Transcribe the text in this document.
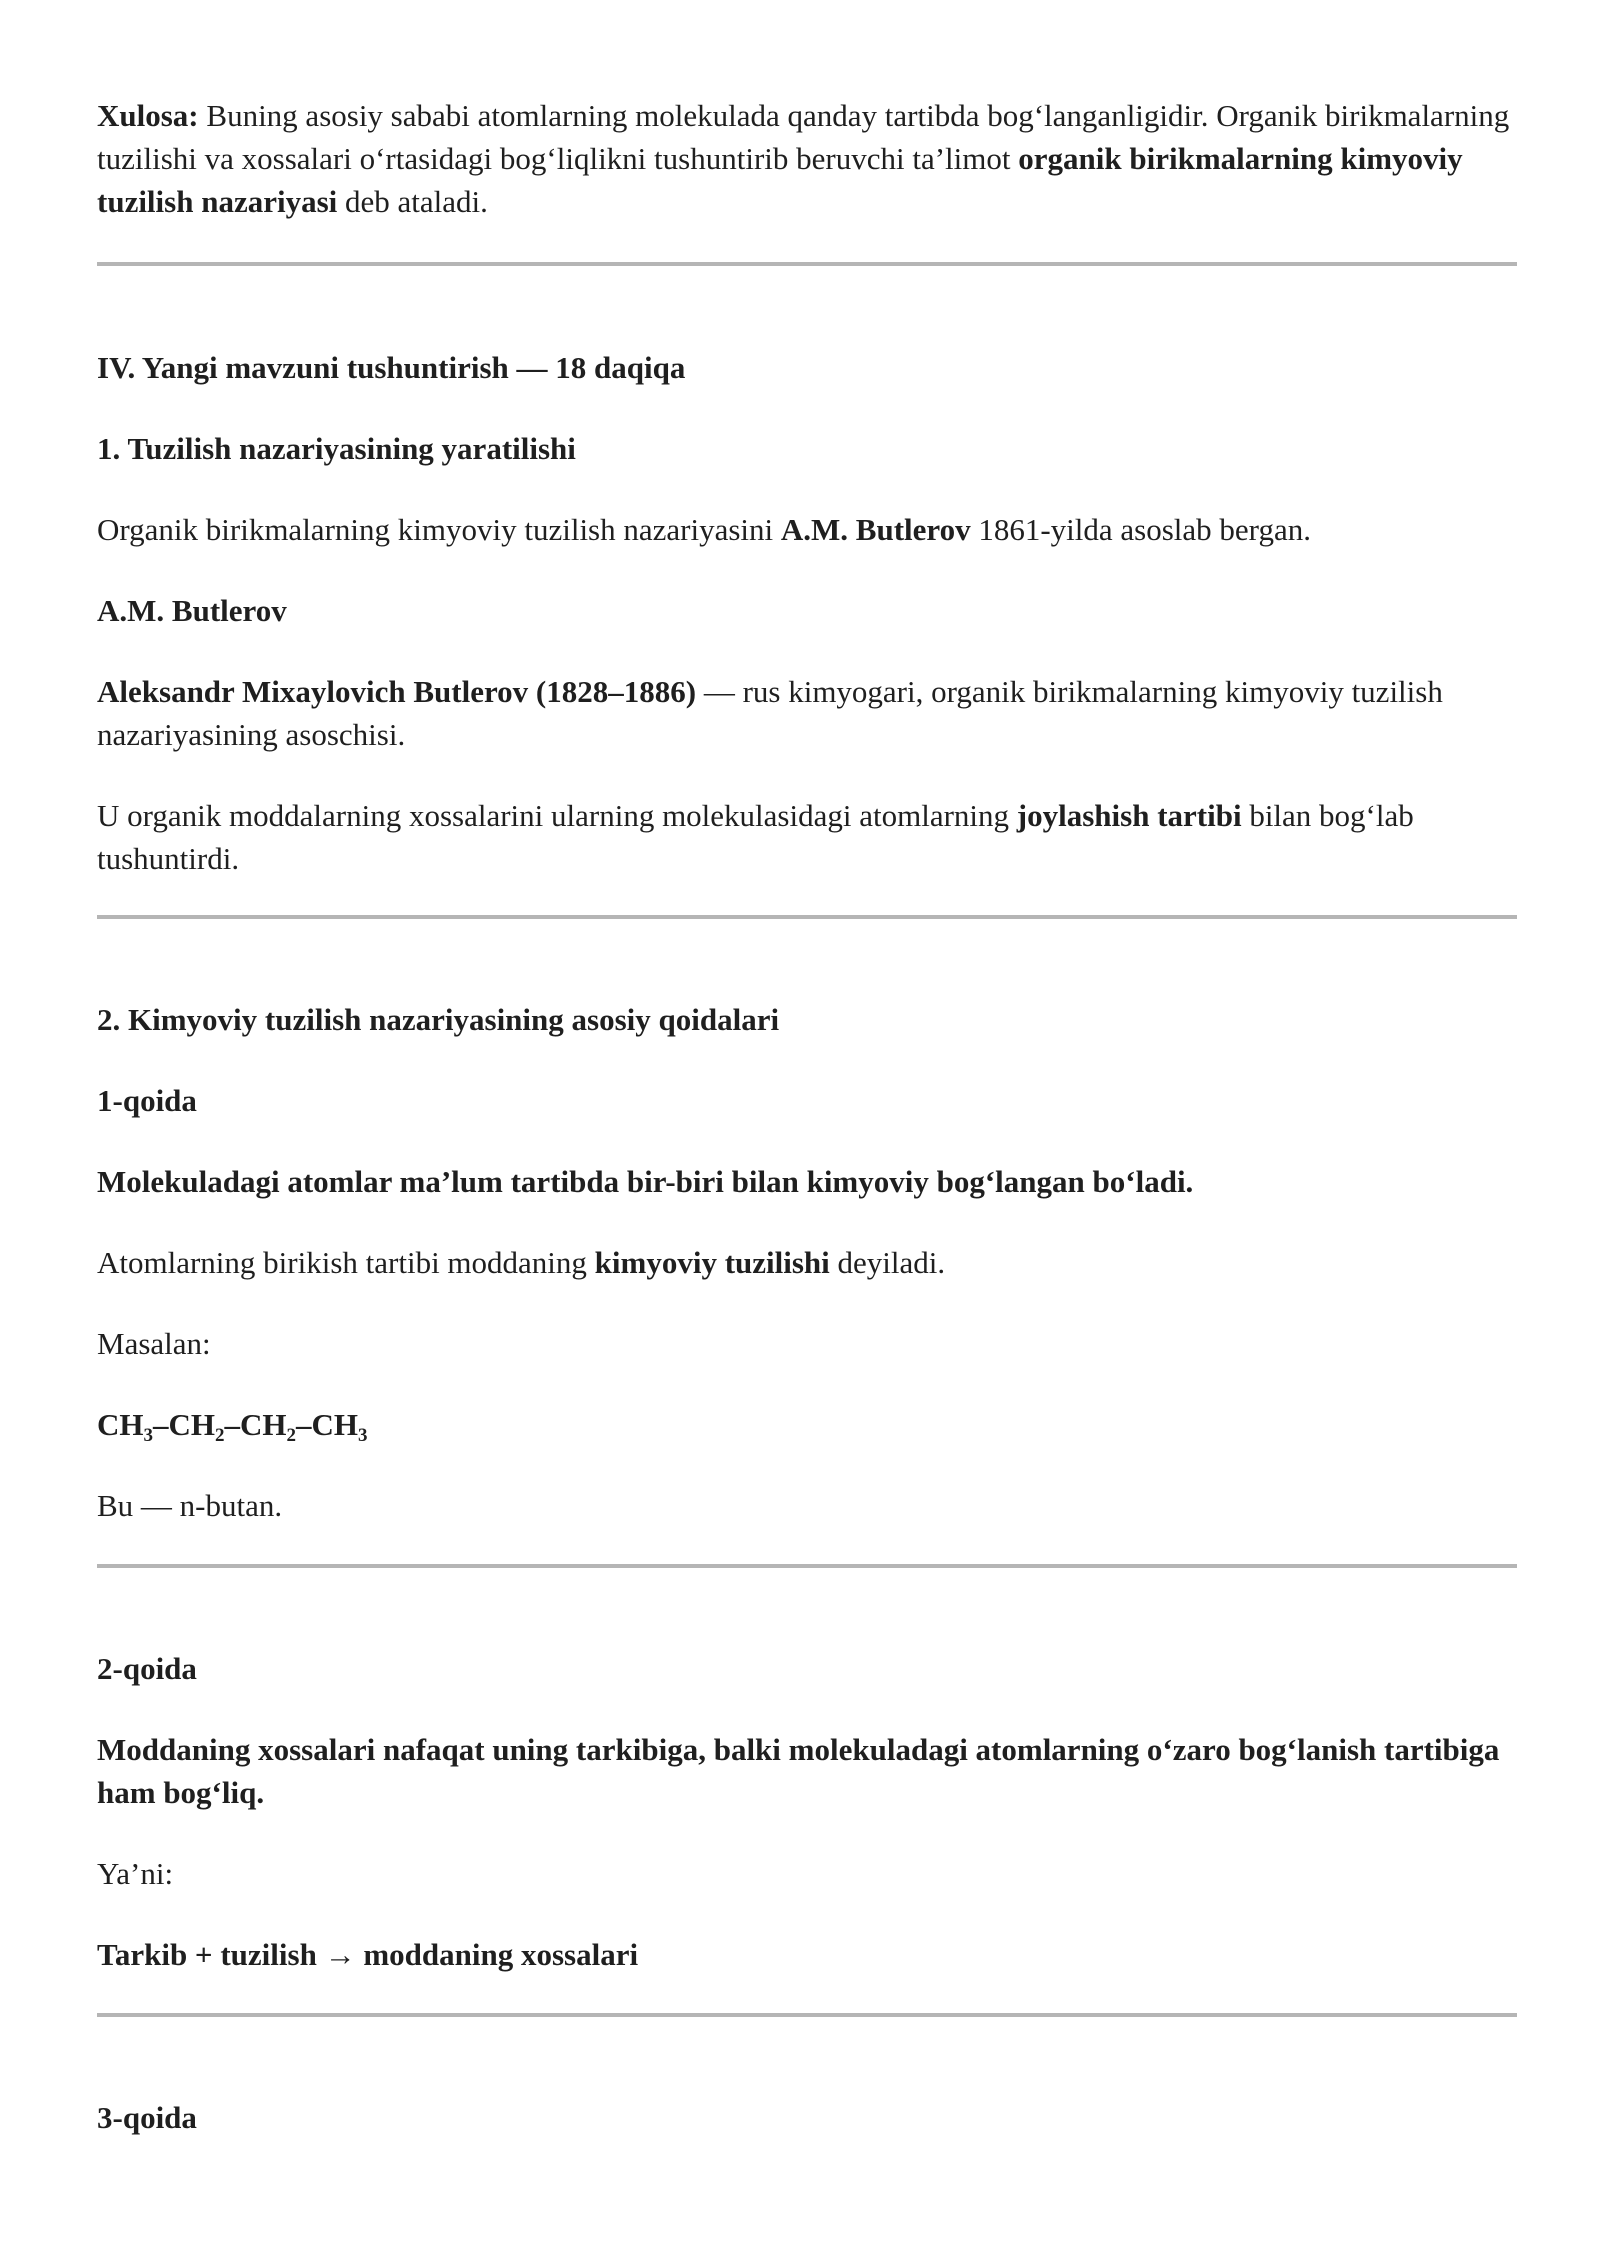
Xulosa: Buning asosiy sababi atomlarning molekulada qanday tartibda bog‘langanligidir. Organik birikmalarning tuzilishi va xossalari o‘rtasidagi bog‘liqlikni tushuntirib beruvchi ta’limot organik birikmalarning kimyoviy tuzilish nazariyasi deb ataladi.

IV. Yangi mavzuni tushuntirish — 18 daqiqa

1. Tuzilish nazariyasining yaratilishi

Organik birikmalarning kimyoviy tuzilish nazariyasini A.M. Butlerov 1861-yilda asoslab bergan.

A.M. Butlerov

Aleksandr Mixaylovich Butlerov (1828–1886) — rus kimyogari, organik birikmalarning kimyoviy tuzilish nazariyasining asoschisi.

U organik moddalarning xossalarini ularning molekulasidagi atomlarning joylashish tartibi bilan bog‘lab tushuntirdi.

2. Kimyoviy tuzilish nazariyasining asosiy qoidalari

1-qoida

Molekuladagi atomlar ma’lum tartibda bir-biri bilan kimyoviy bog‘langan bo‘ladi.

Atomlarning birikish tartibi moddaning kimyoviy tuzilishi deyiladi.

Masalan:

$CH_3-CH_2-CH_2-CH_3$

Bu — n-butan.

2-qoida

Moddaning xossalari nafaqat uning tarkibiga, balki molekuladagi atomlarning o‘zaro bog‘lanish tartibiga ham bog‘liq.

Ya’ni:

Tarkib + tuzilish → moddaning xossalari

3-qoida
